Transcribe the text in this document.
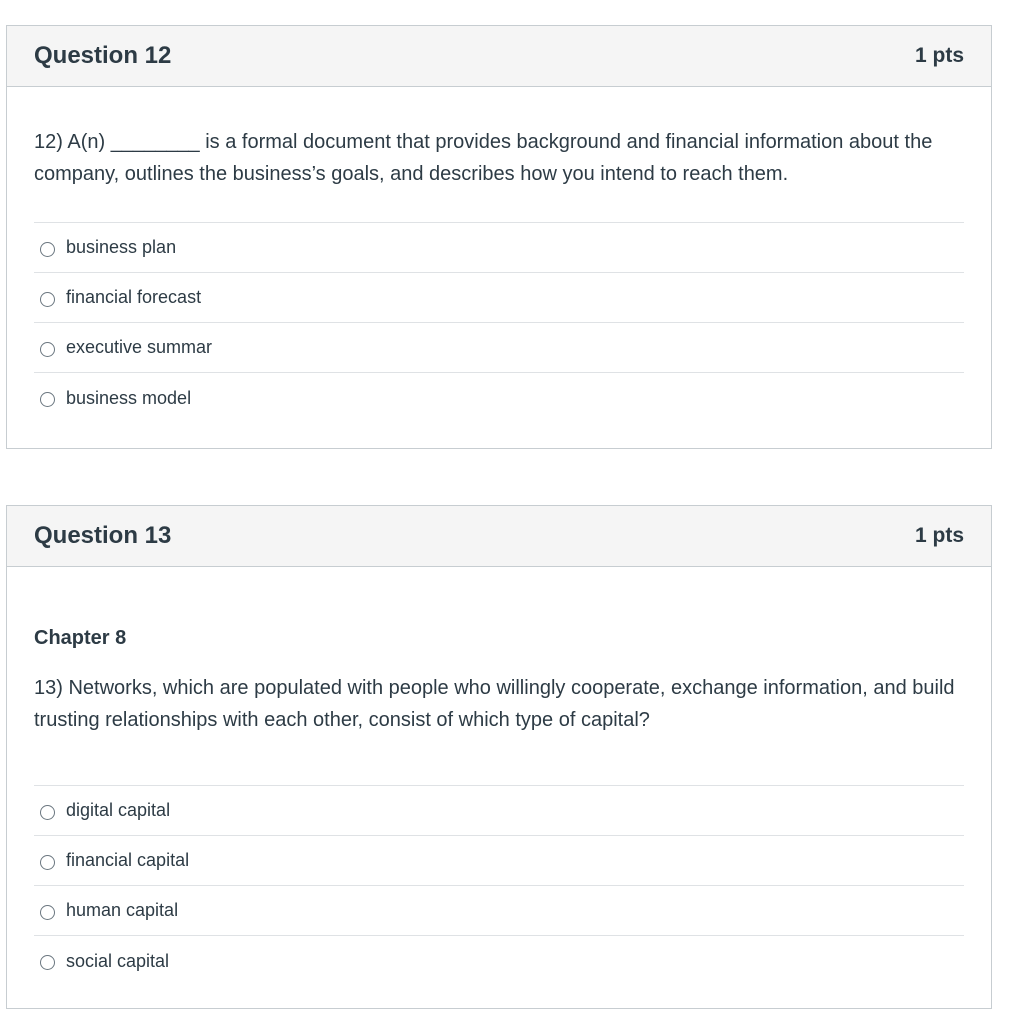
Question 12	1 pts

12) A(n) ________ is a formal document that provides background and financial information about the company, outlines the business’s goals, and describes how you intend to reach them.

business plan
financial forecast
executive summar
business model
Question 13	1 pts

Chapter 8

13) Networks, which are populated with people who willingly cooperate, exchange information, and build trusting relationships with each other, consist of which type of capital?

digital capital
financial capital
human capital
social capital
